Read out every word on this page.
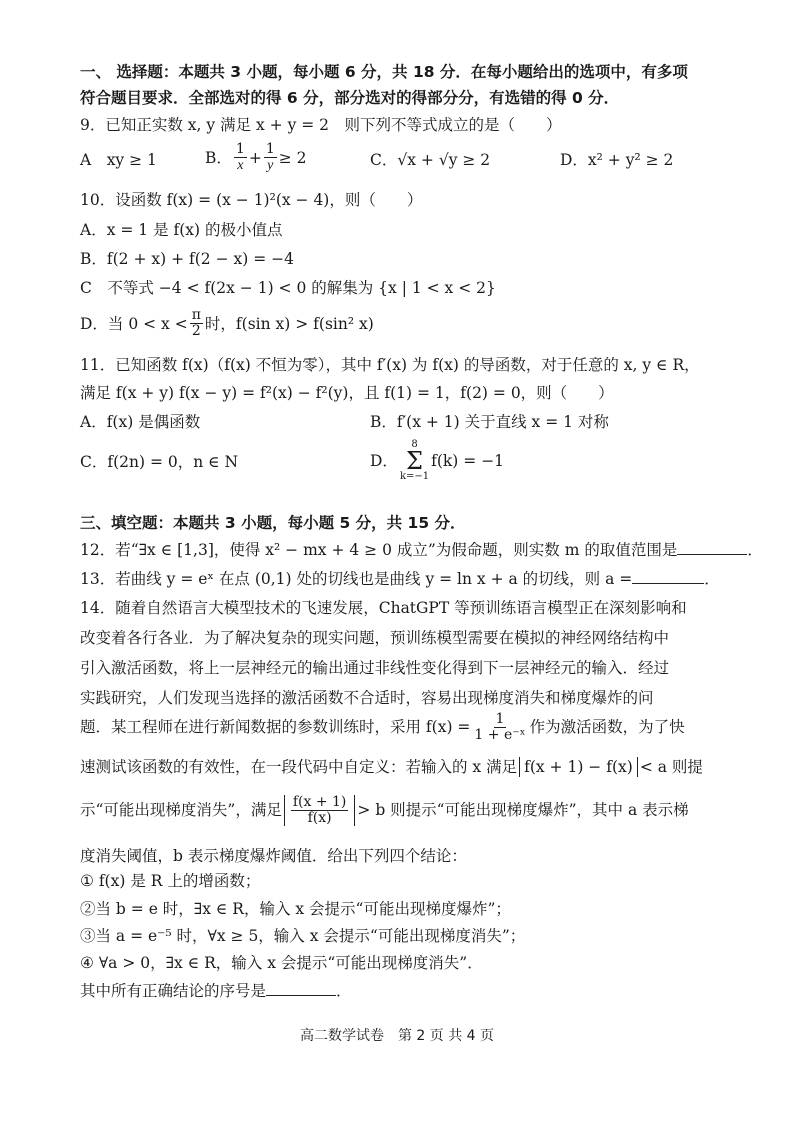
一、 选择题：本题共 3 小题，每小题 6 分，共 18 分．在每小题给出的选项中，有多项
符合题目要求．全部选对的得 6 分，部分选对的得部分分，有选错的得 0 分．
9．已知正实数 x, y 满足 x + y = 2　则下列不等式成立的是（　　）
A　xy ≥ 1	B． $\frac{1}{x} + \frac{1}{y} \ge 2$	C．√x + √y ≥ 2	D．x² + y² ≥ 2
10．设函数 f(x) = (x − 1)²(x − 4)，则（　　）
A．x = 1 是 f(x) 的极小值点
B．f(2 + x) + f(2 − x) = −4
C　不等式 −4 < f(2x − 1) < 0 的解集为 {x | 1 < x < 2}
D．当 $0 < x < \frac{\pi}{2}$ 时，f(sin x) > f(sin² x)
11．已知函数 f(x)（f(x) 不恒为零），其中 f′(x) 为 f(x) 的导函数，对于任意的 x, y ∈ R，
满足 f(x + y) f(x − y) = f²(x) − f²(y)，且 f(1) = 1，f(2) = 0，则（　　）
A．f(x) 是偶函数	B．f′(x + 1) 关于直线 x = 1 对称
C．f(2n) = 0，n ∈ N	D．
8
Σ
k=−1
f(k) = −1
三、填空题：本题共 3 小题，每小题 5 分，共 15 分．
12．若“∃x ∈ [1,3]，使得 x² − mx + 4 ≥ 0 成立”为假命题，则实数 m 的取值范围是	．
13．若曲线 y = eˣ 在点 (0,1) 处的切线也是曲线 y = ln x + a 的切线，则 a =	．
14．随着自然语言大模型技术的飞速发展，ChatGPT 等预训练语言模型正在深刻影响和
改变着各行各业．为了解决复杂的现实问题，预训练模型需要在模拟的神经网络结构中
引入激活函数，将上一层神经元的输出通过非线性变化得到下一层神经元的输入．经过
实践研究，人们发现当选择的激活函数不合适时，容易出现梯度消失和梯度爆炸的问
题．某工程师在进行新闻数据的参数训练时，采用 $f(x) = \frac{1}{\text{1 + e⁻ˣ}}$ 作为激活函数，为了快
速测试该函数的有效性，在一段代码中自定义：若输入的 x 满足 f(x + 1) − f(x) < a 则提
示“可能出现梯度消失”，满足 $\frac{f(x + 1)}{f(x)} > b$ 则提示“可能出现梯度爆炸”，其中 a 表示梯
度消失阈值，b 表示梯度爆炸阈值．给出下列四个结论：
① f(x) 是 R 上的增函数；
②当 b = e 时，∃x ∈ R，输入 x 会提示“可能出现梯度爆炸”；
③当 a = e⁻⁵ 时，∀x ≥ 5，输入 x 会提示“可能出现梯度消失”；
④ ∀a > 0，∃x ∈ R，输入 x 会提示“可能出现梯度消失”．
其中所有正确结论的序号是	．
高二数学试卷　第 2 页 共 4 页
